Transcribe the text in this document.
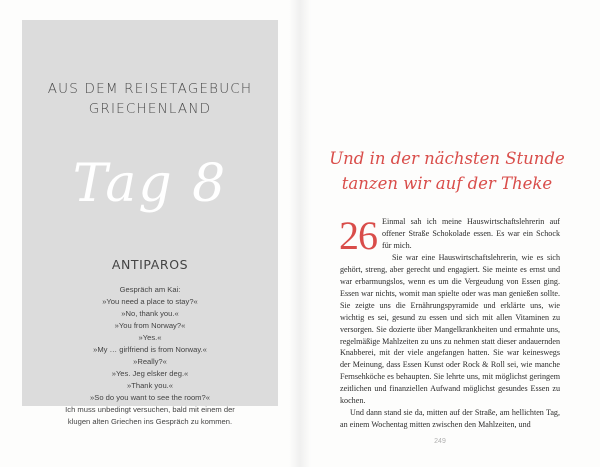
AUS DEM REISETAGEBUCH
GRIECHENLAND
Tag 8
ANTIPAROS
Gespräch am Kai:
»You need a place to stay?«
»No, thank you.«
»You from Norway?«
»Yes.«
»My … girlfriend is from Norway.«
»Really?«
»Yes. Jeg elsker deg.«
»Thank you.«
»So do you want to see the room?«
Ich muss unbedingt versuchen, bald mit einem der
klugen alten Griechen ins Gespräch zu kommen.
Und in der nächsten Stunde
tanzen wir auf der Theke
26 Einmal sah ich meine Hauswirtschaftslehrerin auf offener Straße Schokolade essen. Es war ein Schock für mich.

Sie war eine Hauswirtschaftslehrerin, wie es sich gehört, streng, aber gerecht und engagiert. Sie meinte es ernst und war erbarmungslos, wenn es um die Vergeudung von Essen ging. Essen war nichts, womit man spielte oder was man genießen sollte. Sie zeigte uns die Ernährungspyramide und erklärte uns, wie wichtig es sei, gesund zu essen und sich mit allen Vitaminen zu versorgen. Sie dozierte über Mangelkrankheiten und ermahnte uns, regelmäßige Mahlzeiten zu uns zu nehmen statt dieser andauernden Knabberei, mit der viele angefangen hatten. Sie war keineswegs der Meinung, dass Essen Kunst oder Rock & Roll sei, wie manche Fernsehköche es behaupten. Sie lehrte uns, mit möglichst geringem zeitlichen und finanziellen Aufwand möglichst gesundes Essen zu kochen.

Und dann stand sie da, mitten auf der Straße, am hellichten Tag, an einem Wochentag mitten zwischen den Mahlzeiten, und

249
